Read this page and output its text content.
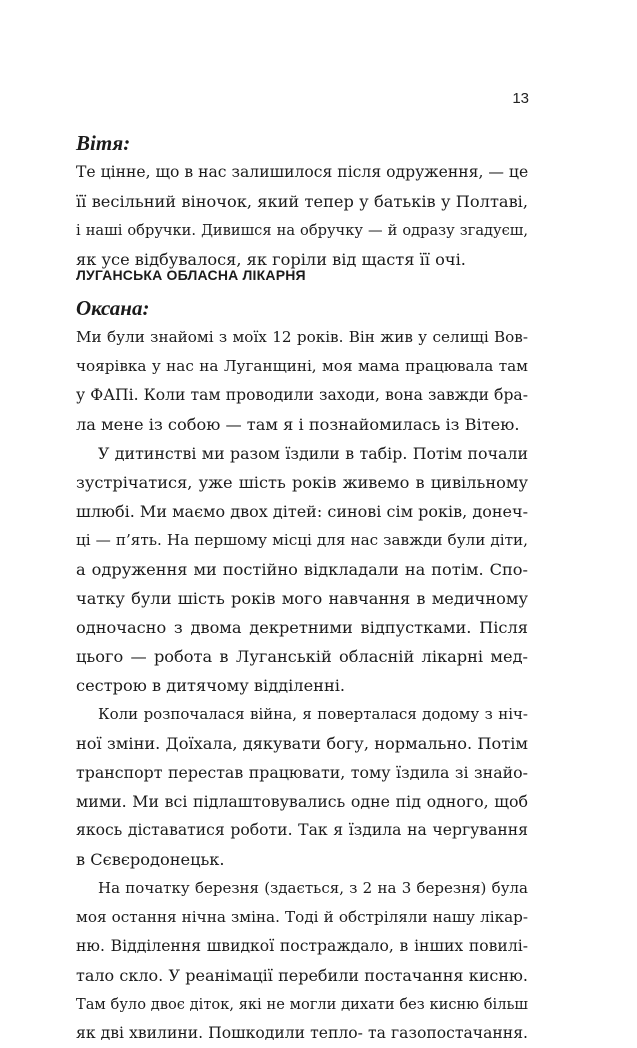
13
Вітя:
Те цінне, що в нас залишилося після одруження, — це
її весільний віночок, який тепер у батьків у Полтаві,
і наші обручки. Дивишся на обручку — й одразу згадуєш,
як усе відбувалося, як горіли від щастя її очі.
ЛУГАНСЬКА ОБЛАСНА ЛІКАРНЯ
Оксана:
Ми були знайомі з моїх 12 років. Він жив у селищі Вов-
чоярівка у нас на Луганщині, моя мама працювала там
у ФАПі. Коли там проводили заходи, вона завжди бра-
ла мене із собою — там я і познайомилась із Вітею.
У дитинстві ми разом їздили в табір. Потім почали
зустрічатися, уже шість років живемо в цивільному
шлюбі. Ми маємо двох дітей: синові сім років, донеч-
ці — п’ять. На першому місці для нас завжди були діти,
а одруження ми постійно відкладали на потім. Спо-
чатку були шість років мого навчання в медичному
одночасно з двома декретними відпустками. Після
цього — робота в Луганській обласній лікарні мед-
сестрою в дитячому відділенні.
Коли розпочалася війна, я поверталася додому з ніч-
ної зміни. Доїхала, дякувати богу, нормально. Потім
транспорт перестав працювати, тому їздила зі знайо-
мими. Ми всі підлаштовувались одне під одного, щоб
якось діставатися роботи. Так я їздила на чергування
в Сєвєродонецьк.
На початку березня (здається, з 2 на 3 березня) була
моя остання нічна зміна. Тоді й обстріляли нашу лікар-
ню. Відділення швидкої постраждало, в інших повилі-
тало скло. У реанімації перебили постачання кисню.
Там було двоє діток, які не могли дихати без кисню більш
як дві хвилини. Пошкодили тепло- та газопостачання.
